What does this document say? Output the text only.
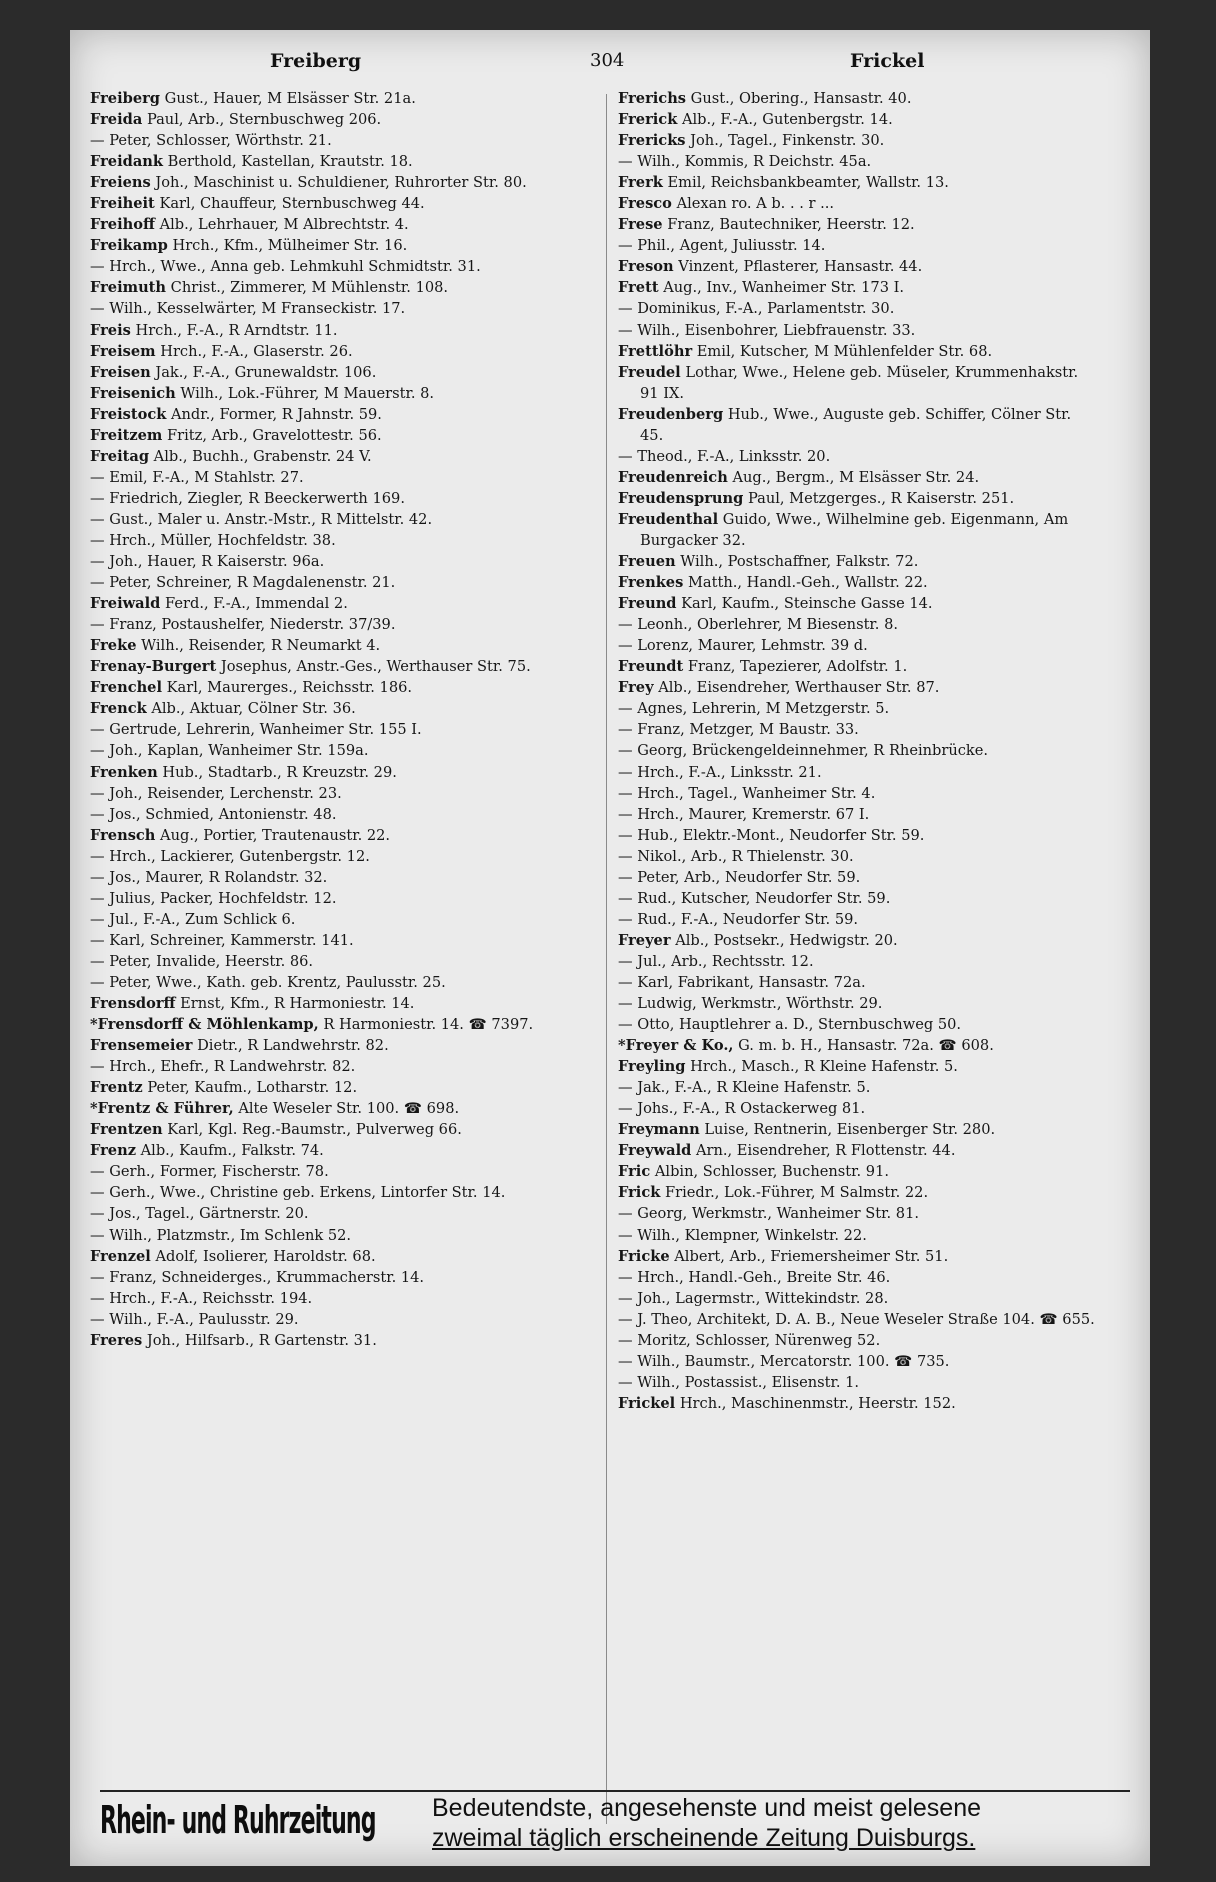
Freiberg	304	Frickel
Freiberg Gust., Hauer, M Elsässer Str. 21a.
Freida Paul, Arb., Sternbuschweg 206.
— Peter, Schlosser, Wörthstr. 21.
Freidank Berthold, Kastellan, Krautstr. 18.
Freiens Joh., Maschinist u. Schuldiener, Ruhrorter Str. 80.
Freiheit Karl, Chauffeur, Sternbuschweg 44.
Freihoff Alb., Lehrhauer, M Albrechtstr. 4.
Freikamp Hrch., Kfm., Mülheimer Str. 16.
— Hrch., Wwe., Anna geb. Lehmkuhl Schmidtstr. 31.
Freimuth Christ., Zimmerer, M Mühlenstr. 108.
— Wilh., Kesselwärter, M Franseckistr. 17.
Freis Hrch., F.-A., R Arndtstr. 11.
Freisem Hrch., F.-A., Glaserstr. 26.
Freisen Jak., F.-A., Grunewaldstr. 106.
Freisenich Wilh., Lok.-Führer, M Mauerstr. 8.
Freistock Andr., Former, R Jahnstr. 59.
Freitzem Fritz, Arb., Gravelottestr. 56.
Freitag Alb., Buchh., Grabenstr. 24 V.
— Emil, F.-A., M Stahlstr. 27.
— Friedrich, Ziegler, R Beeckerwerth 169.
— Gust., Maler u. Anstr.-Mstr., R Mittelstr. 42.
— Hrch., Müller, Hochfeldstr. 38.
— Joh., Hauer, R Kaiserstr. 96a.
— Peter, Schreiner, R Magdalenenstr. 21.
Freiwald Ferd., F.-A., Immendal 2.
— Franz, Postaushelfer, Niederstr. 37/39.
Freke Wilh., Reisender, R Neumarkt 4.
Frenay-Burgert Josephus, Anstr.-Ges., Werthauser Str. 75.
Frenchel Karl, Maurerges., Reichsstr. 186.
Frenck Alb., Aktuar, Cölner Str. 36.
— Gertrude, Lehrerin, Wanheimer Str. 155 I.
— Joh., Kaplan, Wanheimer Str. 159a.
Frenken Hub., Stadtarb., R Kreuzstr. 29.
— Joh., Reisender, Lerchenstr. 23.
— Jos., Schmied, Antonienstr. 48.
Frensch Aug., Portier, Trautenaustr. 22.
— Hrch., Lackierer, Gutenbergstr. 12.
— Jos., Maurer, R Rolandstr. 32.
— Julius, Packer, Hochfeldstr. 12.
— Jul., F.-A., Zum Schlick 6.
— Karl, Schreiner, Kammerstr. 141.
— Peter, Invalide, Heerstr. 86.
— Peter, Wwe., Kath. geb. Krentz, Paulusstr. 25.
Frensdorff Ernst, Kfm., R Harmoniestr. 14.
*Frensdorff & Möhlenkamp, R Harmoniestr. 14. ☎ 7397.
Frensemeier Dietr., R Landwehrstr. 82.
— Hrch., Ehefr., R Landwehrstr. 82.
Frentz Peter, Kaufm., Lotharstr. 12.
*Frentz & Führer, Alte Weseler Str. 100. ☎ 698.
Frentzen Karl, Kgl. Reg.-Baumstr., Pulverweg 66.
Frenz Alb., Kaufm., Falkstr. 74.
— Gerh., Former, Fischerstr. 78.
— Gerh., Wwe., Christine geb. Erkens, Lintorfer Str. 14.
— Jos., Tagel., Gärtnerstr. 20.
— Wilh., Platzmstr., Im Schlenk 52.
Frenzel Adolf, Isolierer, Haroldstr. 68.
— Franz, Schneiderges., Krummacherstr. 14.
— Hrch., F.-A., Reichsstr. 194.
— Wilh., F.-A., Paulusstr. 29.
Freres Joh., Hilfsarb., R Gartenstr. 31.
Frerichs Gust., Obering., Hansastr. 40.
Frerick Alb., F.-A., Gutenbergstr. 14.
Frericks Joh., Tagel., Finkenstr. 30.
— Wilh., Kommis, R Deichstr. 45a.
Frerk Emil, Reichsbankbeamter, Wallstr. 13.
Fresco Alexan ro. A b. . . r ...
Frese Franz, Bautechniker, Heerstr. 12.
— Phil., Agent, Juliusstr. 14.
Freson Vinzent, Pflasterer, Hansastr. 44.
Frett Aug., Inv., Wanheimer Str. 173 I.
— Dominikus, F.-A., Parlamentstr. 30.
— Wilh., Eisenbohrer, Liebfrauenstr. 33.
Frettlöhr Emil, Kutscher, M Mühlenfelder Str. 68.
Freudel Lothar, Wwe., Helene geb. Müseler, Krummenhakstr. 91 IX.
Freudenberg Hub., Wwe., Auguste geb. Schiffer, Cölner Str. 45.
— Theod., F.-A., Linksstr. 20.
Freudenreich Aug., Bergm., M Elsässer Str. 24.
Freudensprung Paul, Metzgerges., R Kaiserstr. 251.
Freudenthal Guido, Wwe., Wilhelmine geb. Eigenmann, Am Burgacker 32.
Freuen Wilh., Postschaffner, Falkstr. 72.
Frenkes Matth., Handl.-Geh., Wallstr. 22.
Freund Karl, Kaufm., Steinsche Gasse 14.
— Leonh., Oberlehrer, M Biesenstr. 8.
— Lorenz, Maurer, Lehmstr. 39 d.
Freundt Franz, Tapezierer, Adolfstr. 1.
Frey Alb., Eisendreher, Werthauser Str. 87.
— Agnes, Lehrerin, M Metzgerstr. 5.
— Franz, Metzger, M Baustr. 33.
— Georg, Brückengeldeinnehmer, R Rheinbrücke.
— Hrch., F.-A., Linksstr. 21.
— Hrch., Tagel., Wanheimer Str. 4.
— Hrch., Maurer, Kremerstr. 67 I.
— Hub., Elektr.-Mont., Neudorfer Str. 59.
— Nikol., Arb., R Thielenstr. 30.
— Peter, Arb., Neudorfer Str. 59.
— Rud., Kutscher, Neudorfer Str. 59.
— Rud., F.-A., Neudorfer Str. 59.
Freyer Alb., Postsekr., Hedwigstr. 20.
— Jul., Arb., Rechtsstr. 12.
— Karl, Fabrikant, Hansastr. 72a.
— Ludwig, Werkmstr., Wörthstr. 29.
— Otto, Hauptlehrer a. D., Sternbuschweg 50.
*Freyer & Ko., G. m. b. H., Hansastr. 72a. ☎ 608.
Freyling Hrch., Masch., R Kleine Hafenstr. 5.
— Jak., F.-A., R Kleine Hafenstr. 5.
— Johs., F.-A., R Ostackerweg 81.
Freymann Luise, Rentnerin, Eisenberger Str. 280.
Freywald Arn., Eisendreher, R Flottenstr. 44.
Fric Albin, Schlosser, Buchenstr. 91.
Frick Friedr., Lok.-Führer, M Salmstr. 22.
— Georg, Werkmstr., Wanheimer Str. 81.
— Wilh., Klempner, Winkelstr. 22.
Fricke Albert, Arb., Friemersheimer Str. 51.
— Hrch., Handl.-Geh., Breite Str. 46.
— Joh., Lagermstr., Wittekindstr. 28.
— J. Theo, Architekt, D. A. B., Neue Weseler Straße 104. ☎ 655.
— Moritz, Schlosser, Nürenweg 52.
— Wilh., Baumstr., Mercatorstr. 100. ☎ 735.
— Wilh., Postassist., Elisenstr. 1.
Frickel Hrch., Maschinenmstr., Heerstr. 152.
Rhein- und Ruhrzeitung Bedeutendste, angesehenste und meist gelesene
zweimal täglich erscheinende Zeitung Duisburgs.
